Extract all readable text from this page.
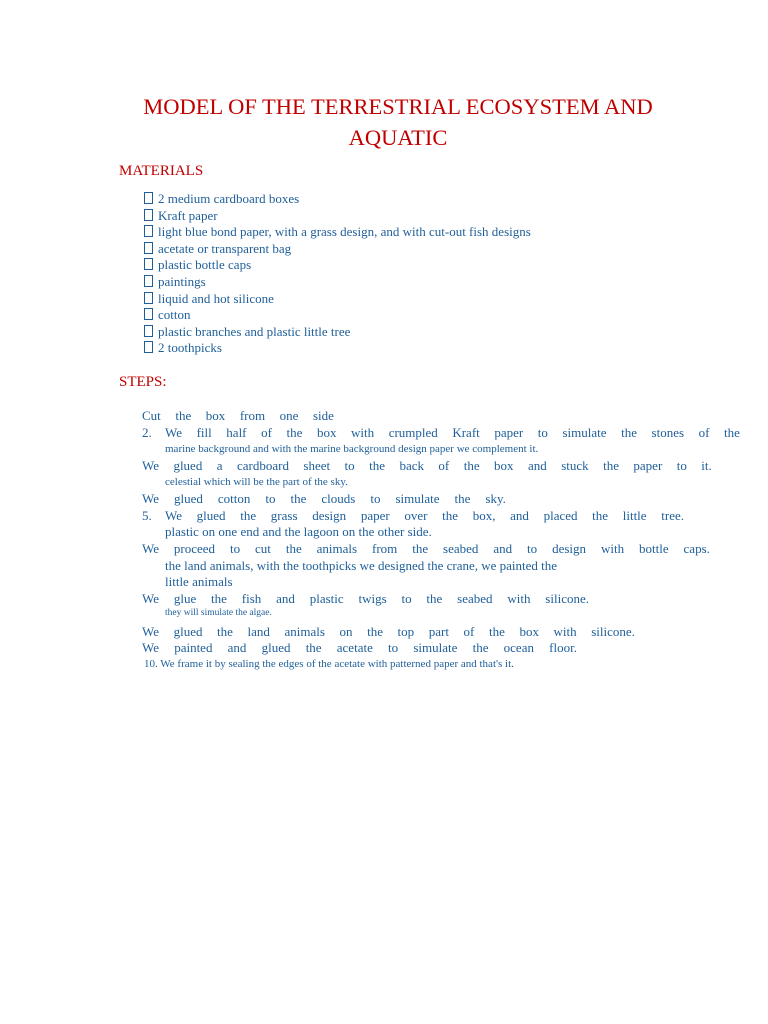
MODEL OF THE TERRESTRIAL ECOSYSTEM AND
AQUATIC
MATERIALS
2 medium cardboard boxes
Kraft paper
light blue bond paper, with a grass design, and with cut-out fish designs
acetate or transparent bag
plastic bottle caps
paintings
liquid and hot silicone
cotton
plastic branches and plastic little tree
2 toothpicks
STEPS:
Cut the box from one side
2. We fill half of the box with crumpled Kraft paper to simulate the stones of the
marine background and with the marine background design paper we complement it.
We glued a cardboard sheet to the back of the box and stuck the paper to it.
celestial which will be the part of the sky.
We glued cotton to the clouds to simulate the sky.
5. We glued the grass design paper over the box, and placed the little tree.
plastic on one end and the lagoon on the other side.
We proceed to cut the animals from the seabed and to design with bottle caps.
the land animals, with the toothpicks we designed the crane, we painted the
little animals
We glue the fish and plastic twigs to the seabed with silicone.
they will simulate the algae.
We glued the land animals on the top part of the box with silicone.
We painted and glued the acetate to simulate the ocean floor.
10. We frame it by sealing the edges of the acetate with patterned paper and that's it.
